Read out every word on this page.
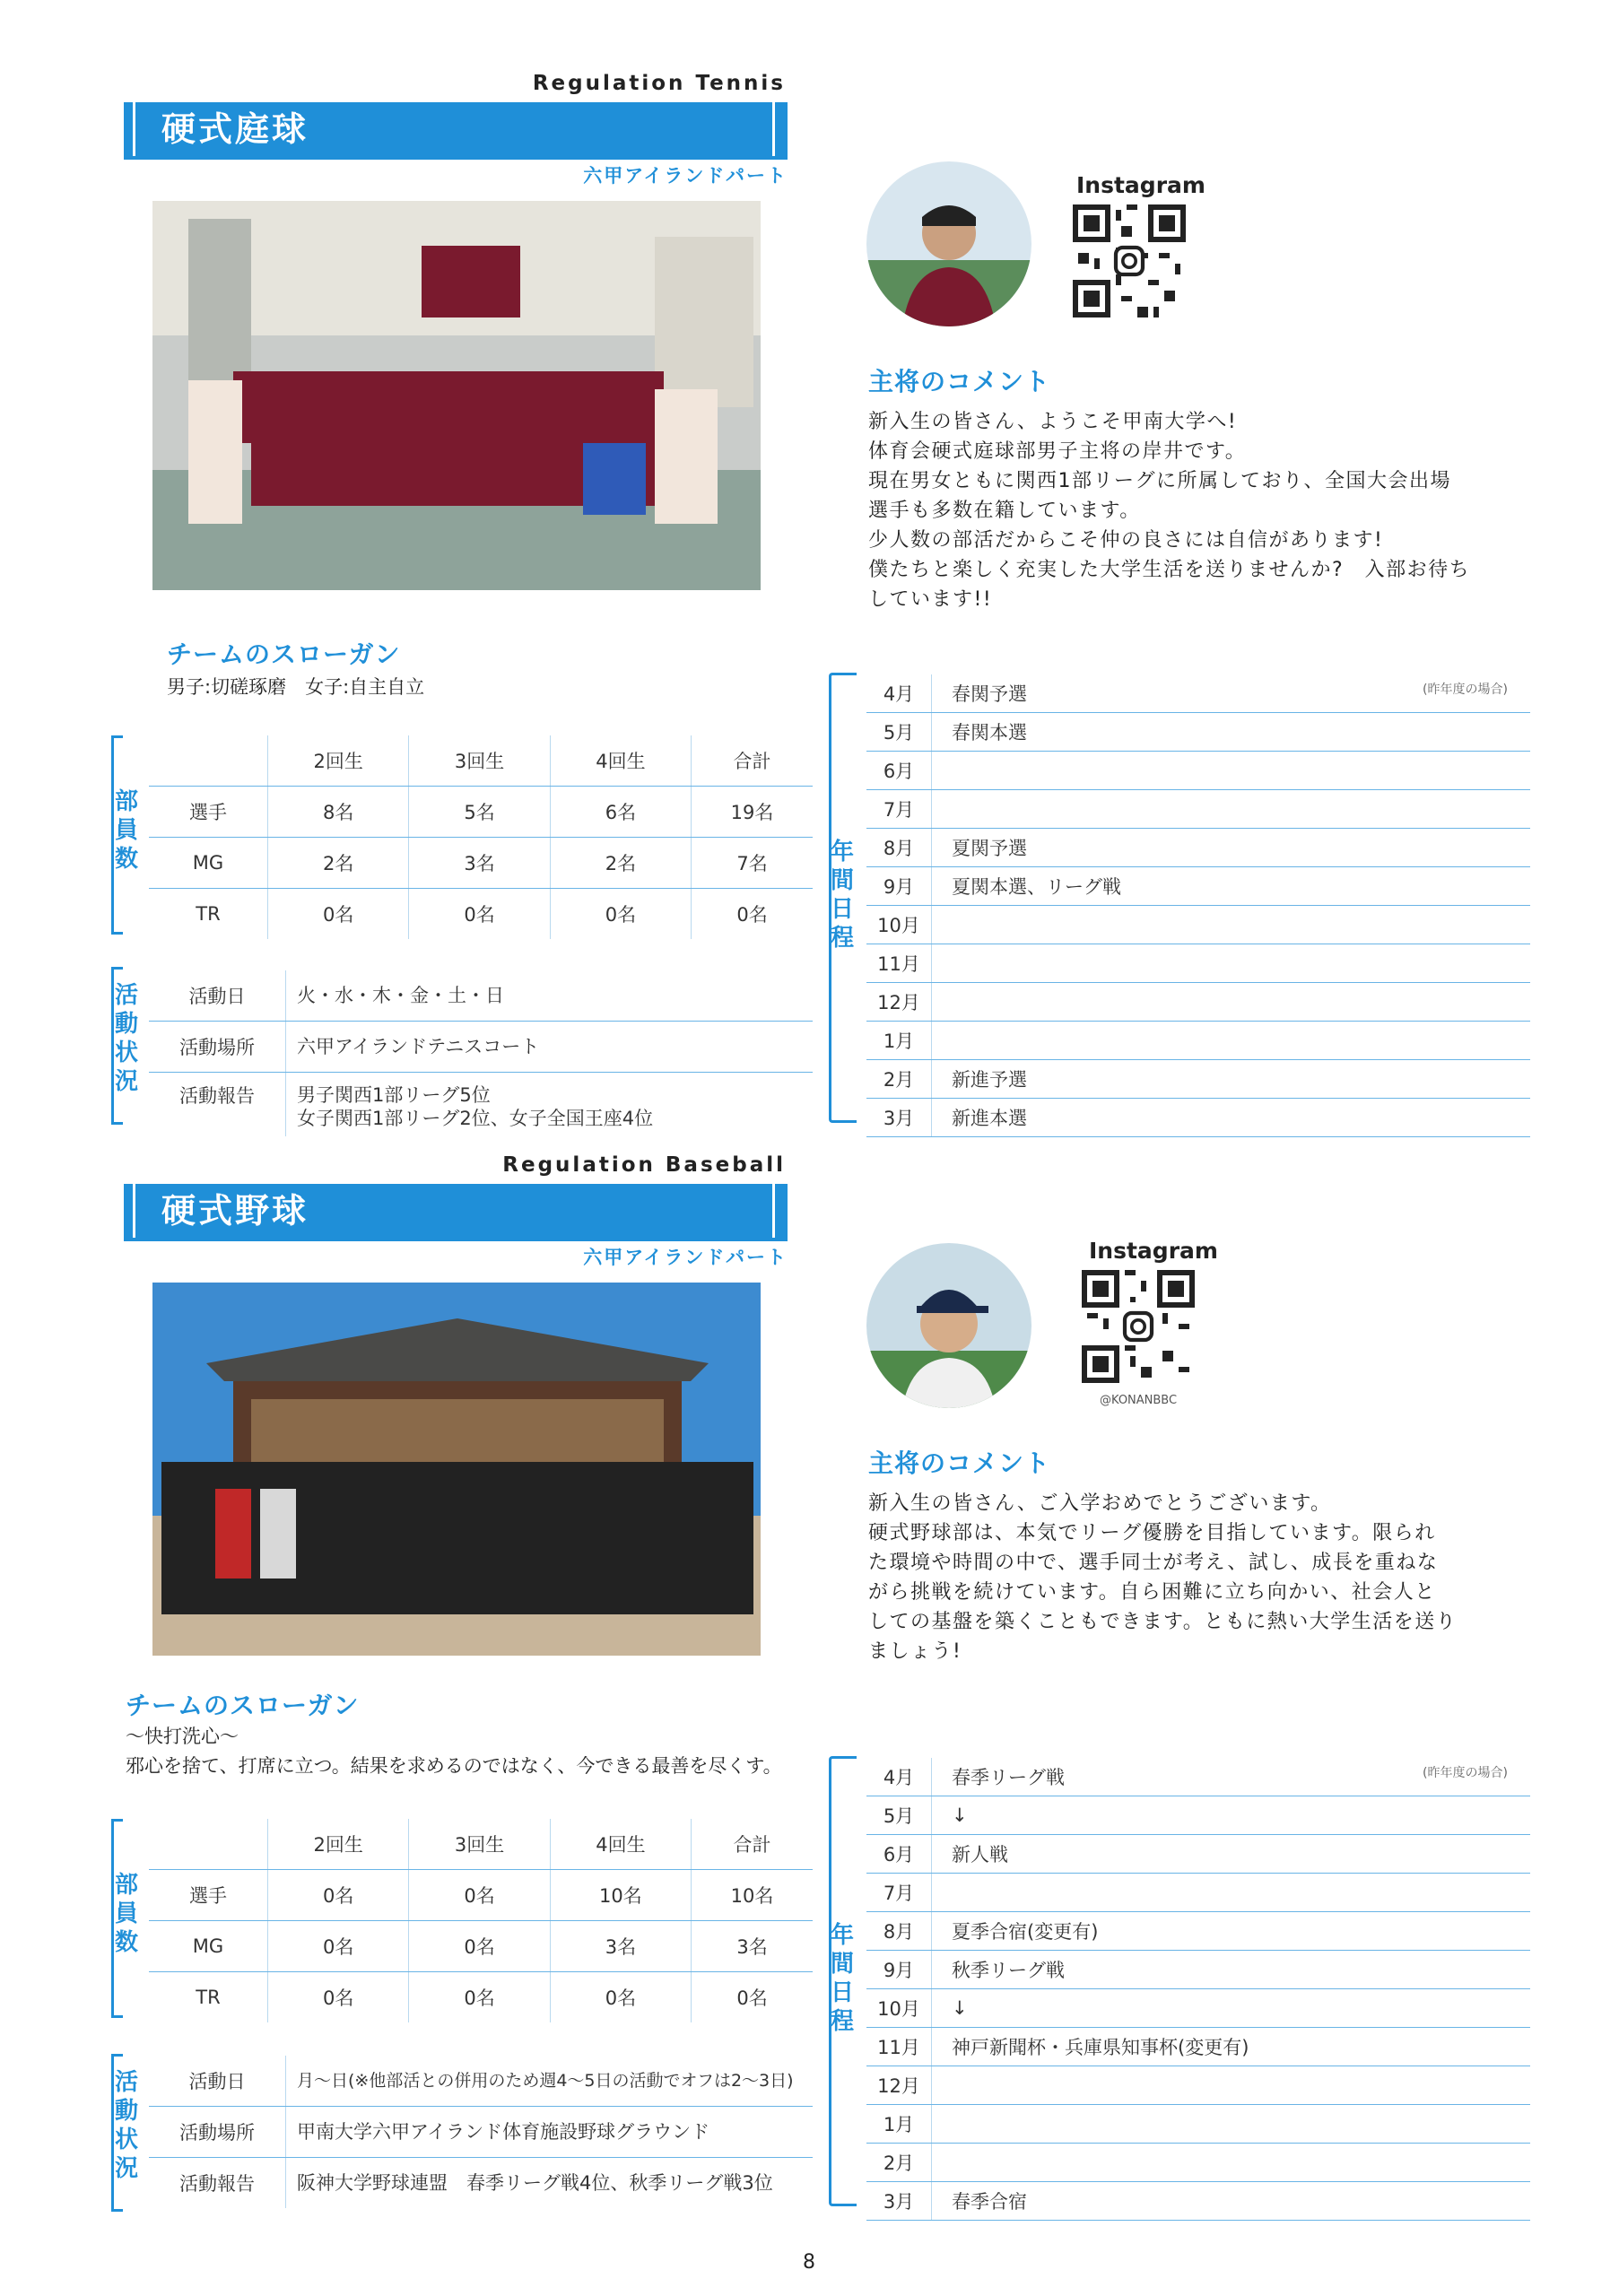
Regulation Tennis
硬式庭球
六甲アイランドパート	Instagram
主将のコメント

新入生の皆さん、ようこそ甲南大学へ!

体育会硬式庭球部男子主将の岸井です。

現在男女ともに関西1部リーグに所属しており、全国大会出場

選手も多数在籍しています。

少人数の部活だからこそ仲の良さには自信があります!

僕たちと楽しく充実した大学生活を送りませんか?　入部お待ち

しています!!

チームのスローガン
男子:切磋琢磨　女子:自主自立
部
員
数
	2回生	3回生	4回生	合計
選手	8名	5名	6名	19名
MG	2名	3名	2名	7名
TR	0名	0名	0名	0名
活
動
状
況
活動日	火・水・木・金・土・日
活動場所	六甲アイランドテニスコート
活動報告	男子関西1部リーグ5位
女子関西1部リーグ2位、女子全国王座4位
年
間
日
程
(昨年度の場合)
4月	春関予選
5月	春関本選
6月	
7月	
8月	夏関予選
9月	夏関本選、リーグ戦
10月	
11月	
12月	
1月	
2月	新進予選
3月	新進本選
Regulation Baseball
硬式野球
六甲アイランドパート	Instagram
@KONANBBC
主将のコメント

新入生の皆さん、ご入学おめでとうございます。

硬式野球部は、本気でリーグ優勝を目指しています。限られ

た環境や時間の中で、選手同士が考え、試し、成長を重ねな

がら挑戦を続けています。自ら困難に立ち向かい、社会人と

しての基盤を築くこともできます。ともに熱い大学生活を送り

ましょう!

チームのスローガン
〜快打洗心〜
邪心を捨て、打席に立つ。結果を求めるのではなく、今できる最善を尽くす。
部
員
数
	2回生	3回生	4回生	合計
選手	0名	0名	10名	10名
MG	0名	0名	3名	3名
TR	0名	0名	0名	0名
活
動
状
況
活動日	月〜日(※他部活との併用のため週4〜5日の活動でオフは2〜3日)
活動場所	甲南大学六甲アイランド体育施設野球グラウンド
活動報告	阪神大学野球連盟　春季リーグ戦4位、秋季リーグ戦3位
年
間
日
程
(昨年度の場合)
4月	春季リーグ戦
5月	↓
6月	新人戦
7月	
8月	夏季合宿(変更有)
9月	秋季リーグ戦
10月	↓
11月	神戸新聞杯・兵庫県知事杯(変更有)
12月	
1月	
2月	
3月	春季合宿
8
